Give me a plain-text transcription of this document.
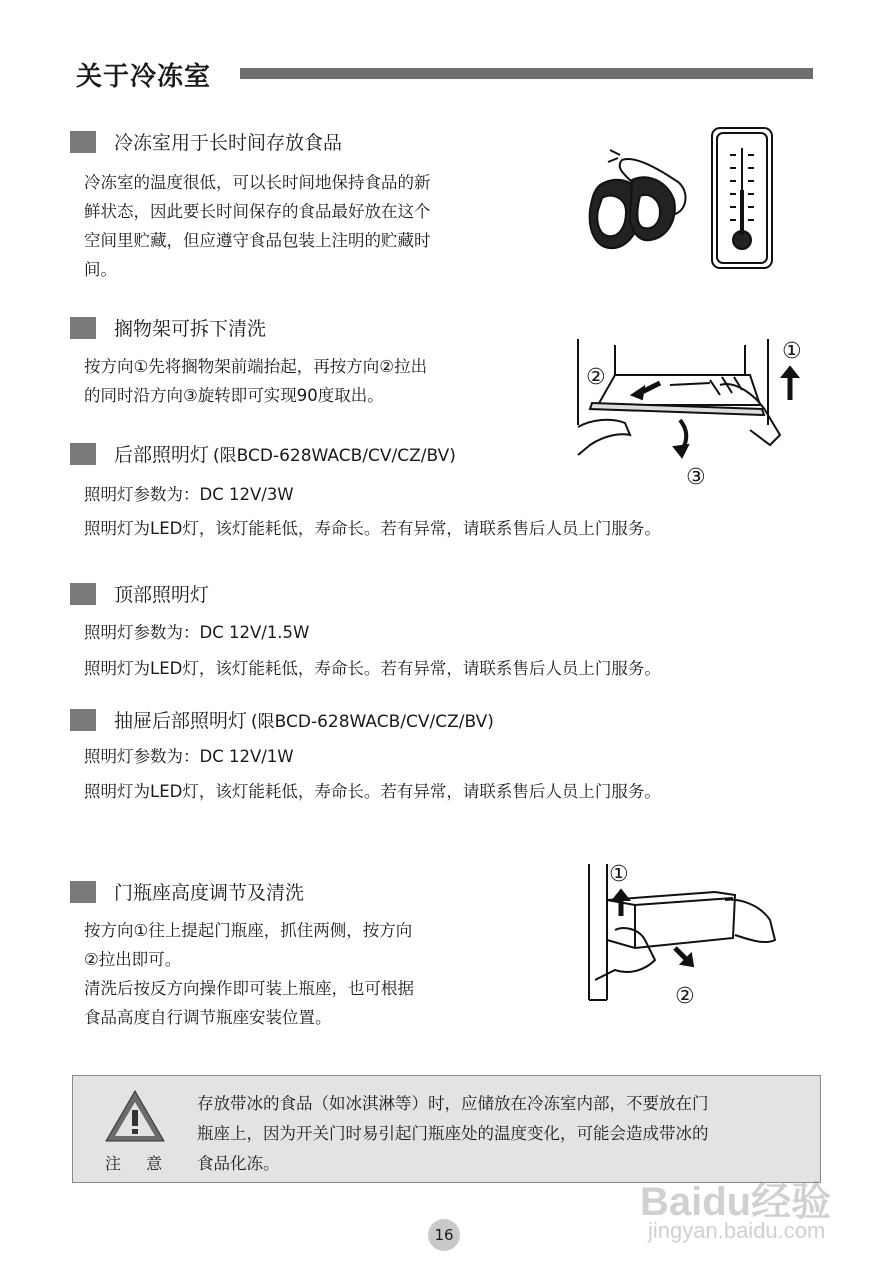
关于冷冻室
冷冻室用于长时间存放食品
冷冻室的温度很低，可以长时间地保持食品的新
鲜状态，因此要长时间保存的食品最好放在这个
空间里贮藏，但应遵守食品包装上注明的贮藏时
间。
搁物架可拆下清洗
按方向①先将搁物架前端抬起，再按方向②拉出
的同时沿方向③旋转即可实现90度取出。
①
②
③
后部照明灯 (限BCD-628WACB/CV/CZ/BV)
照明灯参数为：DC 12V/3W
照明灯为LED灯，该灯能耗低，寿命长。若有异常，请联系售后人员上门服务。
顶部照明灯
照明灯参数为：DC 12V/1.5W
照明灯为LED灯，该灯能耗低，寿命长。若有异常，请联系售后人员上门服务。
抽屉后部照明灯 (限BCD-628WACB/CV/CZ/BV)
照明灯参数为：DC 12V/1W
照明灯为LED灯，该灯能耗低，寿命长。若有异常，请联系售后人员上门服务。
门瓶座高度调节及清洗
按方向①往上提起门瓶座，抓住两侧，按方向
②拉出即可。
清洗后按反方向操作即可装上瓶座，也可根据
食品高度自行调节瓶座安装位置。
①
②
注 意
存放带冰的食品（如冰淇淋等）时，应储放在冷冻室内部，不要放在门
瓶座上，因为开关门时易引起门瓶座处的温度变化，可能会造成带冰的
食品化冻。
Baidu经验
jingyan.baidu.com
16
